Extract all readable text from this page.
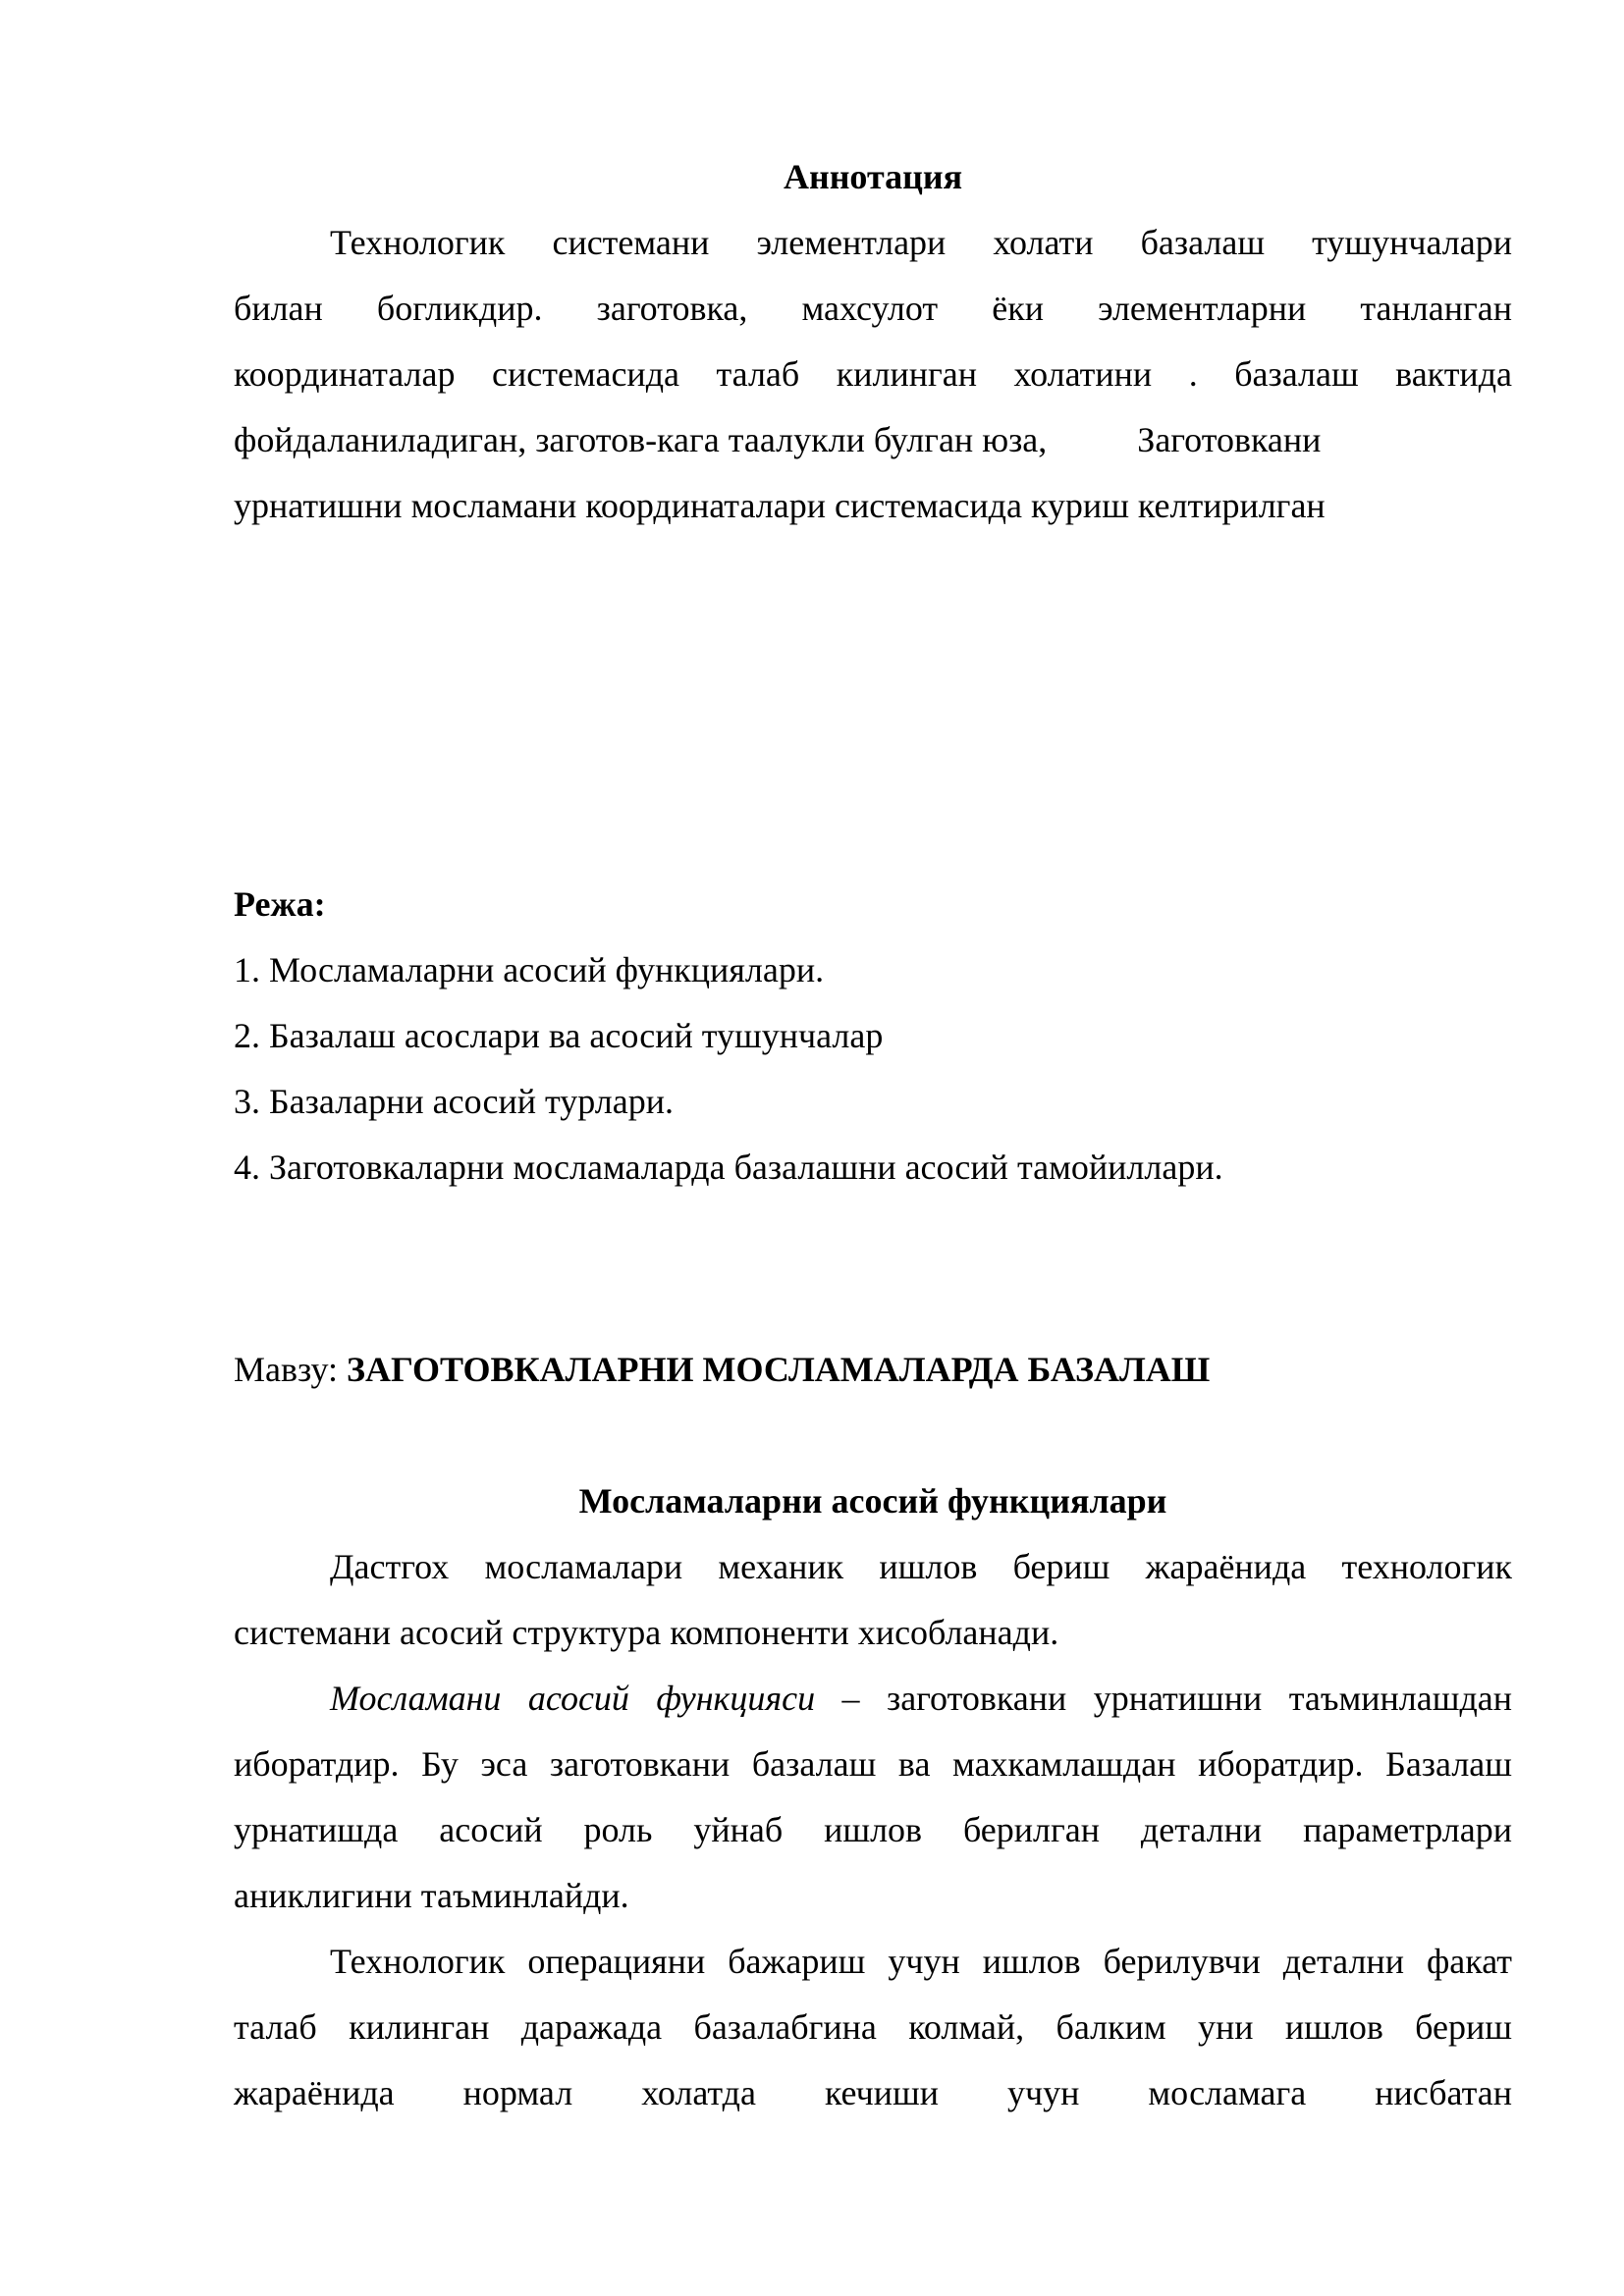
Аннотация

Технологик системани элементлари холати базалаш тушунчалари

билан богликдир. заготовка, махсулот ёки элементларни танланган

координаталар системасида талаб килинган холатини . базалаш вактида

фойдаланиладиган, заготов-кага таалукли булган юза,	Заготовкани

урнатишни мосламани координаталари системасида куриш келтирилган

Режа:

1. Мосламаларни асосий функциялари.

2. Базалаш асослари ва асосий тушунчалар

3. Базаларни асосий турлари.

4. Заготовкаларни мосламаларда базалашни асосий тамойиллари.

Мавзу: ЗАГОТОВКАЛАРНИ МОСЛАМАЛАРДА БАЗАЛАШ

Мосламаларни асосий функциялари

Дастгох мосламалари механик ишлов бериш жараёнида технологик

системани асосий структура компоненти хисобланади.

Мосламани асосий функцияси – заготовкани урнатишни таъминлашдан

иборатдир. Бу эса заготовкани базалаш ва махкамлашдан иборатдир. Базалаш

урнатишда асосий роль уйнаб ишлов берилган детални параметрлари

аниклигини таъминлайди.

Технологик операцияни бажариш учун ишлов берилувчи детални факат

талаб килинган даражада базалабгина колмай, балким уни ишлов бериш

жараёнида нормал холатда кечиши учун мосламага нисбатан
